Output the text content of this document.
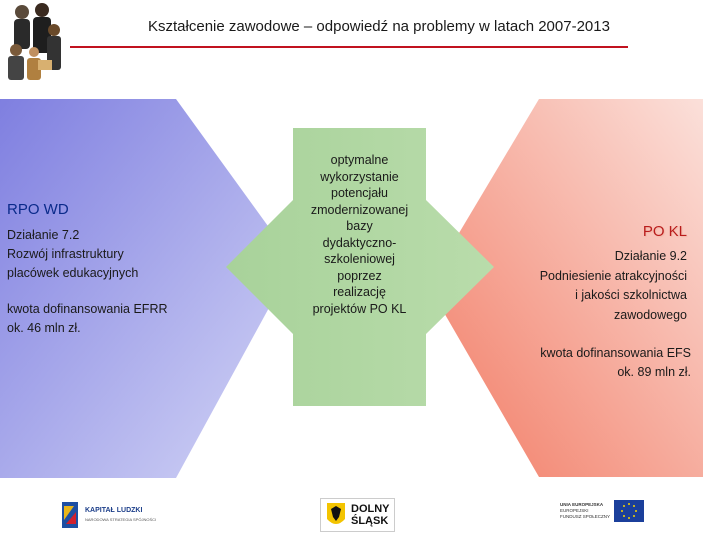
Kształcenie zawodowe – odpowiedź na problemy w latach 2007-2013
RPO WD
Działanie 7.2
Rozwój infrastruktury
placówek edukacyjnych
kwota dofinansowania EFRR
ok. 46 mln zł.
optymalne
wykorzystanie
potencjału
zmodernizowanej
bazy
dydaktyczno-
szkoleniowej
poprzez
realizację
projektów PO KL
PO KL
Działanie 9.2
Podniesienie atrakcyjności
i jakości szkolnictwa
zawodowego
kwota dofinansowania EFS
ok. 89 mln zł.
KAPITAŁ LUDZKI
NARODOWA STRATEGIA SPÓJNOŚCI
DOLNY
ŚLĄSK
UNIA EUROPEJSKA
EUROPEJSKI
FUNDUSZ SPOŁECZNY
